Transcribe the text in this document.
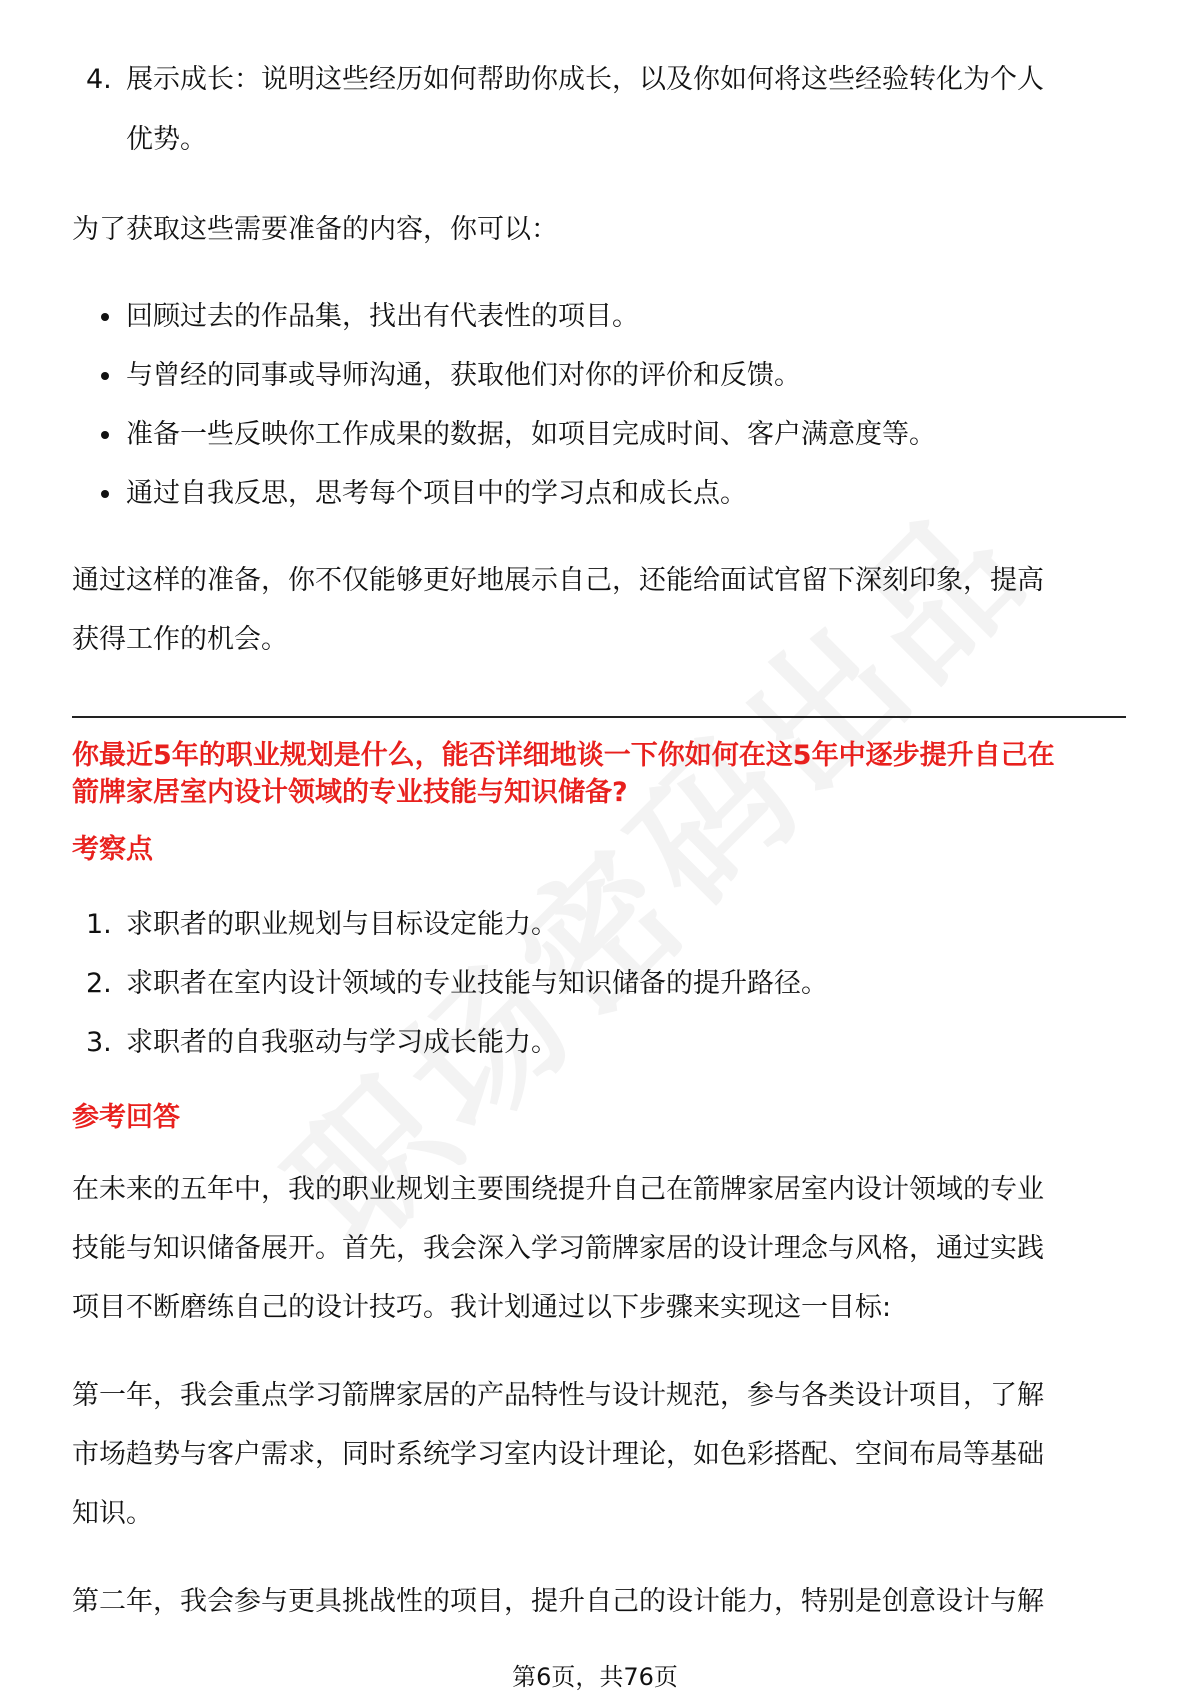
4. 展示成长：说明这些经历如何帮助你成长，以及你如何将这些经验转化为个人
优势。
为了获取这些需要准备的内容，你可以：
回顾过去的作品集，找出有代表性的项目。
与曾经的同事或导师沟通，获取他们对你的评价和反馈。
准备一些反映你工作成果的数据，如项目完成时间、客户满意度等。
通过自我反思，思考每个项目中的学习点和成长点。
通过这样的准备，你不仅能够更好地展示自己，还能给面试官留下深刻印象，提高
获得工作的机会。
你最近5年的职业规划是什么，能否详细地谈一下你如何在这5年中逐步提升自己在
箭牌家居室内设计领域的专业技能与知识储备?
考察点
1. 求职者的职业规划与目标设定能力。
2. 求职者在室内设计领域的专业技能与知识储备的提升路径。
3. 求职者的自我驱动与学习成长能力。
参考回答
在未来的五年中，我的职业规划主要围绕提升自己在箭牌家居室内设计领域的专业
技能与知识储备展开。首先，我会深入学习箭牌家居的设计理念与风格，通过实践
项目不断磨练自己的设计技巧。我计划通过以下步骤来实现这一目标:
第一年，我会重点学习箭牌家居的产品特性与设计规范，参与各类设计项目，了解
市场趋势与客户需求，同时系统学习室内设计理论，如色彩搭配、空间布局等基础
知识。
第二年，我会参与更具挑战性的项目，提升自己的设计能力，特别是创意设计与解
第6页，共76页
